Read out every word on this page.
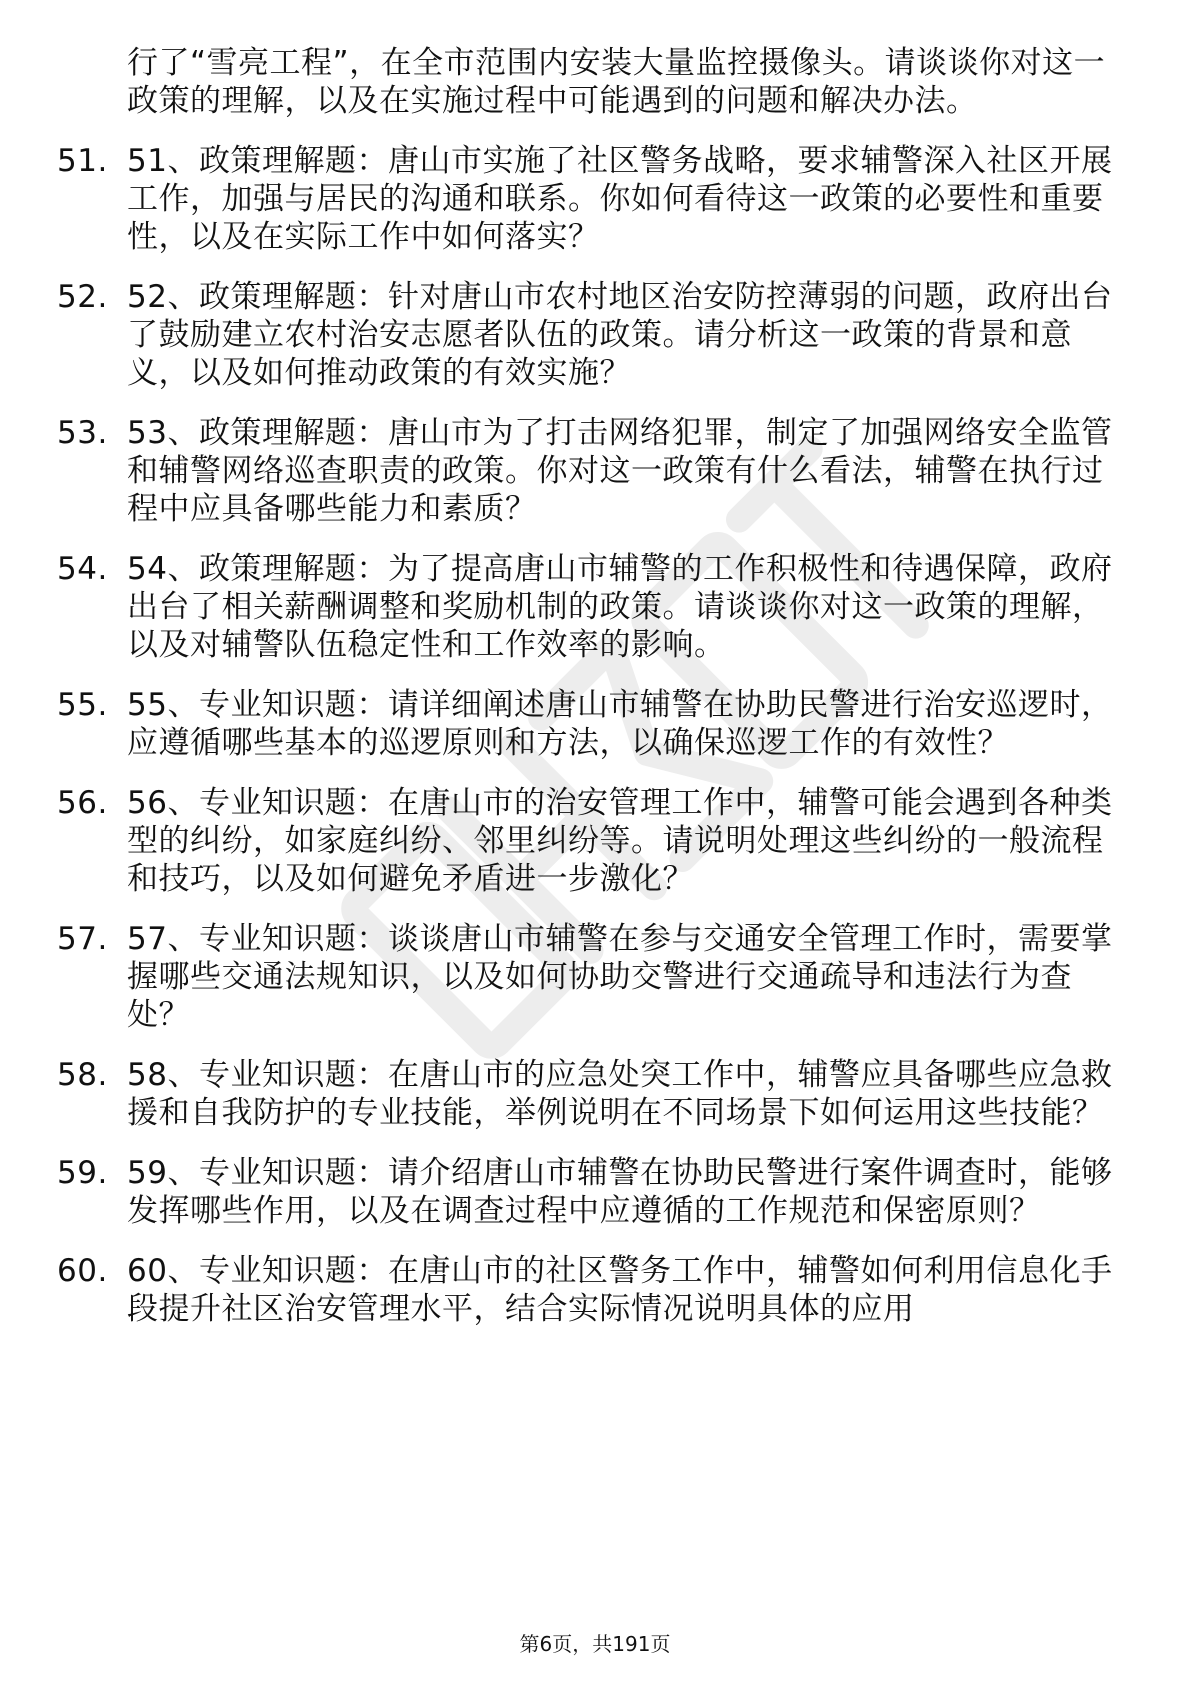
行了“雪亮工程”，在全市范围内安装大量监控摄像头。请谈谈你对这一政策的理解，以及在实施过程中可能遇到的问题和解决办法。
51. 51、政策理解题：唐山市实施了社区警务战略，要求辅警深入社区开展工作，加强与居民的沟通和联系。你如何看待这一政策的必要性和重要性，以及在实际工作中如何落实？
52. 52、政策理解题：针对唐山市农村地区治安防控薄弱的问题，政府出台了鼓励建立农村治安志愿者队伍的政策。请分析这一政策的背景和意义，以及如何推动政策的有效实施？
53. 53、政策理解题：唐山市为了打击网络犯罪，制定了加强网络安全监管和辅警网络巡查职责的政策。你对这一政策有什么看法，辅警在执行过程中应具备哪些能力和素质？
54. 54、政策理解题：为了提高唐山市辅警的工作积极性和待遇保障，政府出台了相关薪酬调整和奖励机制的政策。请谈谈你对这一政策的理解，以及对辅警队伍稳定性和工作效率的影响。
55. 55、专业知识题：请详细阐述唐山市辅警在协助民警进行治安巡逻时，应遵循哪些基本的巡逻原则和方法，以确保巡逻工作的有效性？
56. 56、专业知识题：在唐山市的治安管理工作中，辅警可能会遇到各种类型的纠纷，如家庭纠纷、邻里纠纷等。请说明处理这些纠纷的一般流程和技巧，以及如何避免矛盾进一步激化？
57. 57、专业知识题：谈谈唐山市辅警在参与交通安全管理工作时，需要掌握哪些交通法规知识，以及如何协助交警进行交通疏导和违法行为查处？
58. 58、专业知识题：在唐山市的应急处突工作中，辅警应具备哪些应急救援和自我防护的专业技能，举例说明在不同场景下如何运用这些技能？
59. 59、专业知识题：请介绍唐山市辅警在协助民警进行案件调查时，能够发挥哪些作用，以及在调查过程中应遵循的工作规范和保密原则？
60. 60、专业知识题：在唐山市的社区警务工作中，辅警如何利用信息化手段提升社区治安管理水平，结合实际情况说明具体的应用
第6页，共191页
